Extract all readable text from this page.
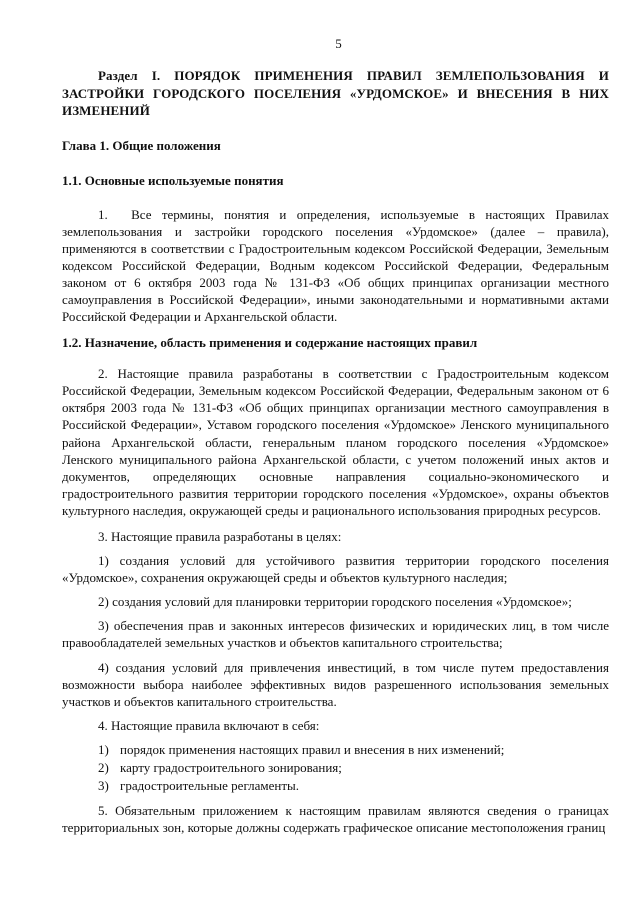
5
Раздел I. ПОРЯДОК ПРИМЕНЕНИЯ ПРАВИЛ ЗЕМЛЕПОЛЬЗОВАНИЯ И ЗАСТРОЙКИ ГОРОДСКОГО ПОСЕЛЕНИЯ «УРДОМСКОЕ» И ВНЕСЕНИЯ В НИХ ИЗМЕНЕНИЙ
Глава 1. Общие положения
1.1. Основные используемые понятия

1.  Все термины, понятия и определения, используемые в настоящих Правилах землепользования и застройки городского поселения «Урдомское» (далее – правила), применяются в соответствии с Градостроительным кодексом Российской Федерации, Земельным кодексом Российской Федерации, Водным кодексом Российской Федерации, Федеральным законом от 6 октября 2003 года № 131-ФЗ «Об общих принципах организации местного самоуправления в Российской Федерации», иными законодательными и нормативными актами Российской Федерации и Архангельской области.

1.2. Назначение, область применения и содержание настоящих правил

2. Настоящие правила разработаны в соответствии с Градостроительным кодексом Российской Федерации, Земельным кодексом Российской Федерации, Федеральным законом от 6 октября 2003 года № 131-ФЗ «Об общих принципах организации местного самоуправления в Российской Федерации», Уставом городского поселения «Урдомское» Ленского муниципального района Архангельской области, генеральным планом городского поселения «Урдомское» Ленского муниципального района Архангельской области, с учетом положений иных актов и документов, определяющих основные направления социально-экономического и градостроительного развития территории городского поселения «Урдомское», охраны объектов культурного наследия, окружающей среды и рационального использования природных ресурсов.

3. Настоящие правила разработаны в целях:

1) создания условий для устойчивого развития территории городского поселения «Урдомское», сохранения окружающей среды и объектов культурного наследия;

2) создания условий для планировки территории городского поселения «Урдомское»;

3) обеспечения прав и законных интересов физических и юридических лиц, в том числе правообладателей земельных участков и объектов капитального строительства;

4) создания условий для привлечения инвестиций, в том числе путем предоставления возможности выбора наиболее эффективных видов разрешенного использования земельных участков и объектов капитального строительства.

4. Настоящие правила включают в себя:

1) порядок применения настоящих правил и внесения в них изменений;
2) карту градостроительного зонирования;
3) градостроительные регламенты.

5. Обязательным приложением к настоящим правилам являются сведения о границах территориальных зон, которые должны содержать графическое описание местоположения границ
